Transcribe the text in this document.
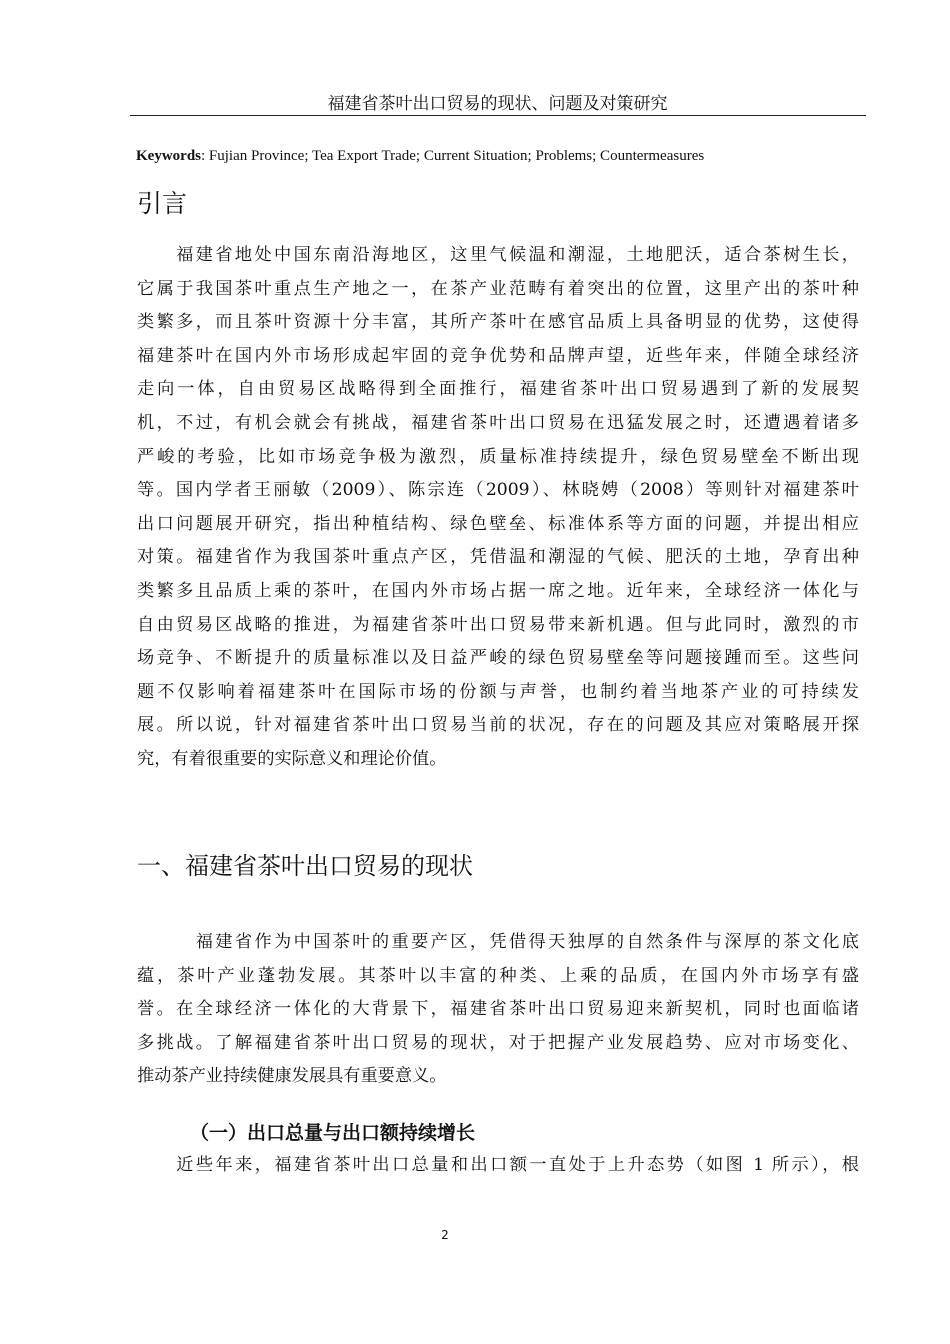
福建省茶叶出口贸易的现状、问题及对策研究
Keywords: Fujian Province; Tea Export Trade; Current Situation; Problems; Countermeasures
引言
　　福建省地处中国东南沿海地区，这里气候温和潮湿，土地肥沃，适合茶树生长，
它属于我国茶叶重点生产地之一，在茶产业范畴有着突出的位置，这里产出的茶叶种
类繁多，而且茶叶资源十分丰富，其所产茶叶在感官品质上具备明显的优势，这使得
福建茶叶在国内外市场形成起牢固的竞争优势和品牌声望，近些年来，伴随全球经济
走向一体，自由贸易区战略得到全面推行，福建省茶叶出口贸易遇到了新的发展契
机，不过，有机会就会有挑战，福建省茶叶出口贸易在迅猛发展之时，还遭遇着诸多
严峻的考验，比如市场竞争极为激烈，质量标准持续提升，绿色贸易壁垒不断出现
等。国内学者王丽敏（2009）、陈宗连（2009）、林晓娉（2008）等则针对福建茶叶
出口问题展开研究，指出种植结构、绿色壁垒、标准体系等方面的问题，并提出相应
对策。福建省作为我国茶叶重点产区，凭借温和潮湿的气候、肥沃的土地，孕育出种
类繁多且品质上乘的茶叶，在国内外市场占据一席之地。近年来，全球经济一体化与
自由贸易区战略的推进，为福建省茶叶出口贸易带来新机遇。但与此同时，激烈的市
场竞争、不断提升的质量标准以及日益严峻的绿色贸易壁垒等问题接踵而至。这些问
题不仅影响着福建茶叶在国际市场的份额与声誉，也制约着当地茶产业的可持续发
展。所以说，针对福建省茶叶出口贸易当前的状况，存在的问题及其应对策略展开探
究，有着很重要的实际意义和理论价值。
一、福建省茶叶出口贸易的现状
　　　福建省作为中国茶叶的重要产区，凭借得天独厚的自然条件与深厚的茶文化底
蕴，茶叶产业蓬勃发展。其茶叶以丰富的种类、上乘的品质，在国内外市场享有盛
誉。在全球经济一体化的大背景下，福建省茶叶出口贸易迎来新契机，同时也面临诸
多挑战。了解福建省茶叶出口贸易的现状，对于把握产业发展趋势、应对市场变化、
推动茶产业持续健康发展具有重要意义。
（一）出口总量与出口额持续增长
　　近些年来，福建省茶叶出口总量和出口额一直处于上升态势（如图 1 所示），根
2
